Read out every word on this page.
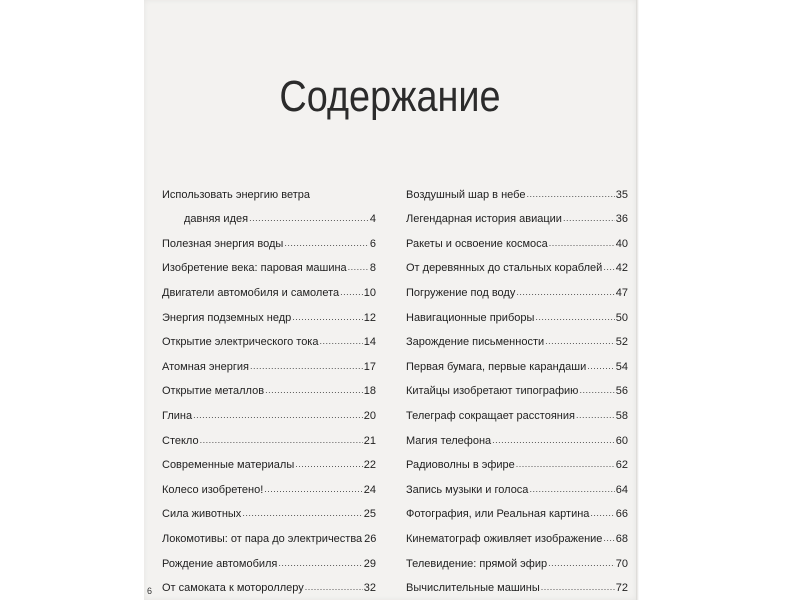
Содержание
Использовать энергию ветра
давняя идея .....	4
Полезная энергия воды .....	6
Изобретение века: паровая машина ..... 8
Двигатели автомобиля и самолета ..... 10
Энергия подземных недр .....	12
Открытие электрического тока .....	14
Атомная энергия .....	17
Открытие металлов .....	18
Глина .....	20
Стекло .....	21
Современные материалы .....	22
Колесо изобретено! .....	24
Сила животных .....	25
Локомотивы: от пара до электричества 26
Рождение автомобиля .....	29
От самоката к мотороллеру .....	32
Воздушный шар в небе .....	35
Легендарная история авиации .....	36
Ракеты и освоение космоса .....	40
От деревянных до стальных кораблей ..... 42
Погружение под воду .....	47
Навигационные приборы .....	50
Зарождение письменности .....	52
Первая бумага, первые карандаши .....	54
Китайцы изобретают типографию .....	56
Телеграф сокращает расстояния .....	58
Магия телефона .....	60
Радиоволны в эфире .....	62
Запись музыки и голоса .....	64
Фотография, или Реальная картина ..... 66
Кинематограф оживляет изображение ..... 68
Телевидение: прямой эфир .....	70
Вычислительные машины .....	72
6
